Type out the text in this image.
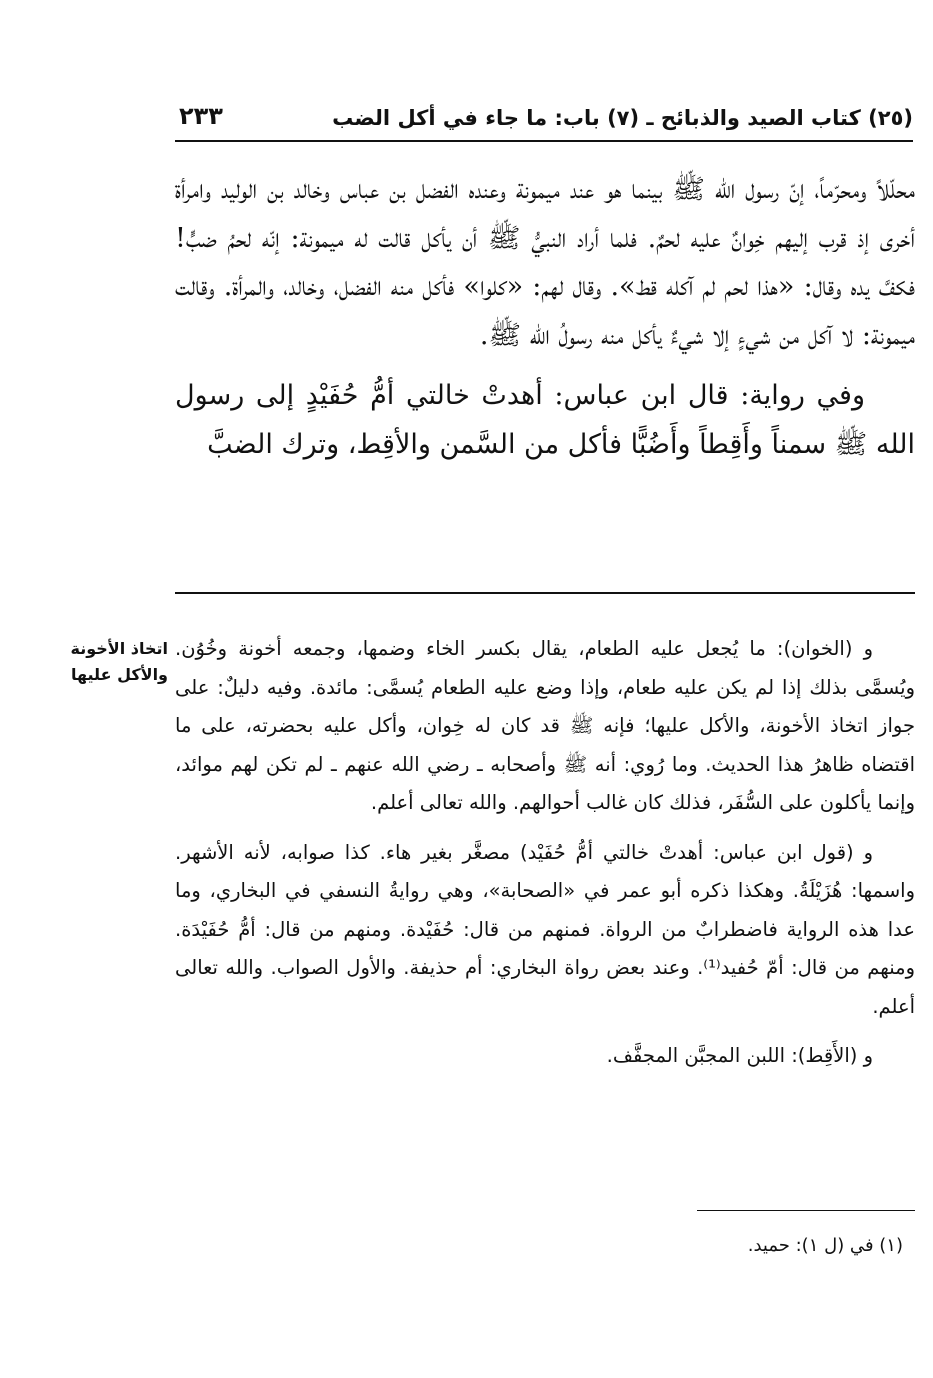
(٢٥) كتاب الصيد والذبائح ـ (٧) باب: ما جاء في أكل الضب
٢٣٣

محلّلاً ومحرّماً، إنّ رسول الله ﷺ بينما هو عند ميمونة وعنده الفضل بن عباس وخالد بن الوليد وامرأة أخرى إذ قرب إليهم خِوانٌ عليه لحمٌ. فلما أراد النبيُّ ﷺ أن يأكل قالت له ميمونة: إنّه لحمُ ضبٍّ! فكفَّ يده وقال: «هذا لحم لم آكله قط». وقال لهم: «كلوا» فأكل منه الفضل، وخالد، والمرأة. وقالت ميمونة: لا آكل من شيءٍ إلا شيءٌ يأكل منه رسولُ الله ﷺ.

وفي رواية: قال ابن عباس: أهدتْ خالتي أمُّ حُفَيْدٍ إلى رسول الله ﷺ سمناً وأَقِطاً وأَضُبًّا فأكل من السَّمن والأقِط، وترك الضبَّ

اتخاذ الأخونة والأكل عليها

و (الخوان): ما يُجعل عليه الطعام، يقال بكسر الخاء وضمها، وجمعه أخونة وخُوُن. ويُسمَّى بذلك إذا لم يكن عليه طعام، وإذا وضع عليه الطعام يُسمَّى: مائدة. وفيه دليلٌ: على جواز اتخاذ الأخونة، والأكل عليها؛ فإنه ﷺ قد كان له خِوان، وأكل عليه بحضرته، على ما اقتضاه ظاهرُ هذا الحديث. وما رُوي: أنه ﷺ وأصحابه ـ رضي الله عنهم ـ لم تكن لهم موائد، وإنما يأكلون على السُّفَر، فذلك كان غالب أحوالهم. والله تعالى أعلم.

و (قول ابن عباس: أهدتْ خالتي أمُّ حُفَيْد) مصغَّر بغير هاء. كذا صوابه، لأنه الأشهر. واسمها: هُزَيْلَةُ. وهكذا ذكره أبو عمر في «الصحابة»، وهي روايةُ النسفي في البخاري، وما عدا هذه الرواية فاضطرابٌ من الرواة. فمنهم من قال: حُفَيْدة. ومنهم من قال: أمُّ حُفَيْدَة. ومنهم من قال: أمّ حُفيد⁽¹⁾. وعند بعض رواة البخاري: أم حذيفة. والأول الصواب. والله تعالى أعلم.

و (الأَقِط): اللبن المجبَّن المجفَّف.

(١) في (ل ١): حميد.
